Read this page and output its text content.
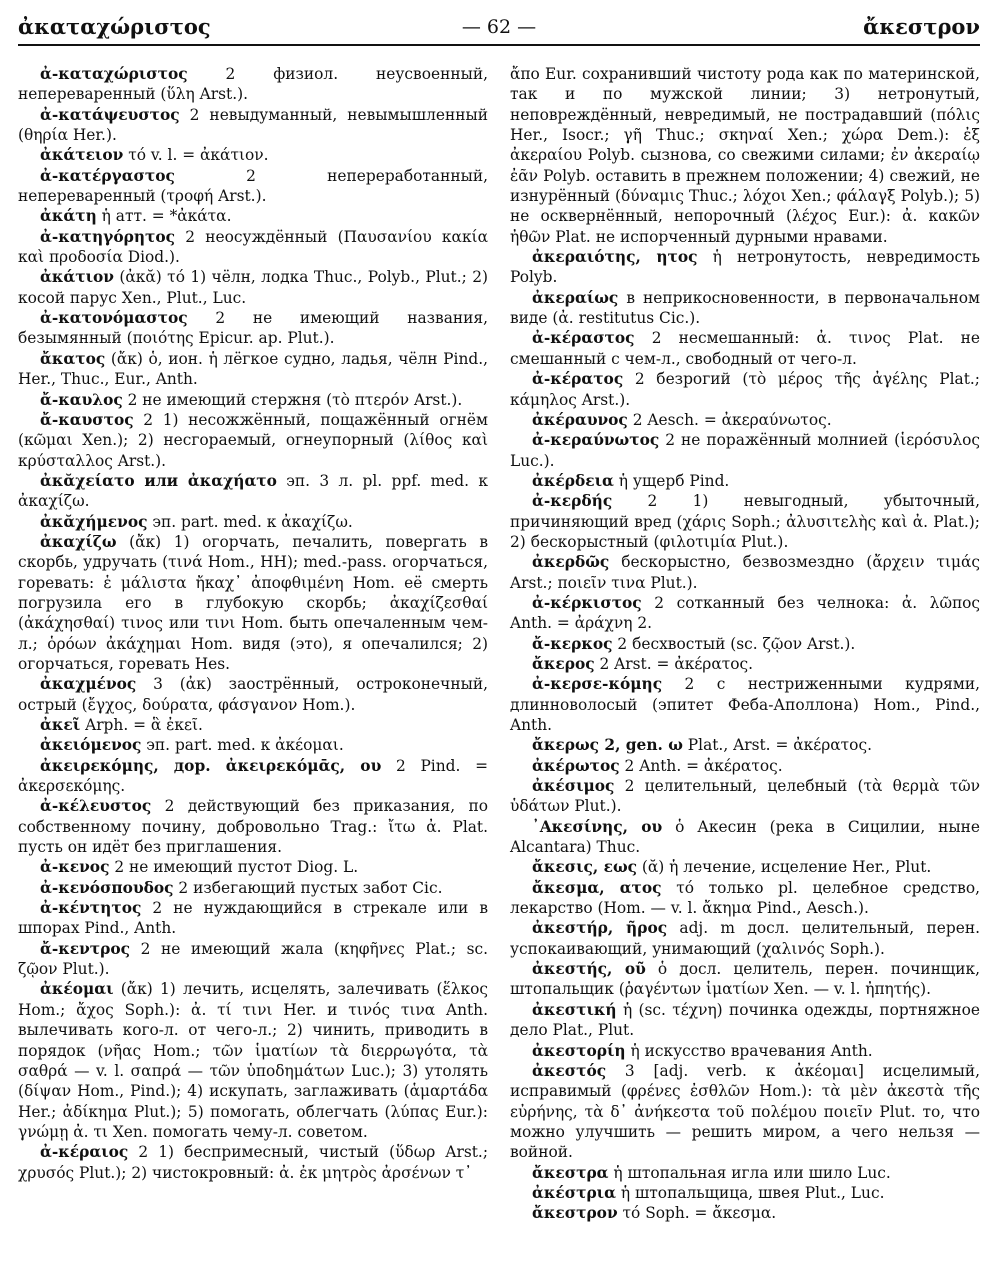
ἀκαταχώριστος	— 62 —	ἄκεστρον

ἀ-καταχώριστος 2 физиол. неусвоенный, непереваренный (ὕλη Arst.).

ἀ-κατάψευστος 2 невыдуманный, невымышленный (θηρία Her.).

ἀκάτειον τό v. l. = ἀκάτιον.

ἀ-κατέργαστος 2 непереработанный, непереваренный (τροφή Arst.).

ἀκάτη ἡ атт. = *ἀκάτα.

ἀ-κατηγόρητος 2 неосуждённый (Παυσανίου κακία καὶ προδοσία Diod.).

ἀκάτιον (ἀκᾰ) τό 1) чёлн, лодка Thuc., Polyb., Plut.; 2) косой парус Xen., Plut., Luc.

ἀ-κατονόμαστος 2 не имеющий названия, безымянный (ποιότης Epicur. ap. Plut.).

ἄκατος (ἄκ) ὁ, ион. ἡ лёгкое судно, ладья, чёлн Pind., Her., Thuc., Eur., Anth.

ἄ-καυλος 2 не имеющий стержня (τὸ πτερόν Arst.).

ἄ-καυστος 2 1) несожжённый, пощажённый огнём (κῶμαι Xen.); 2) несгораемый, огнеупорный (λίθος καὶ κρύσταλλος Arst.).

ἀκᾰχείατο или ἀκαχήατο эп. 3 л. pl. ppf. med. к ἀκαχίζω.

ἀκᾰχήμενος эп. part. med. к ἀκαχίζω.

ἀκαχίζω (ἄκ) 1) огорчать, печалить, повергать в скорбь, удручать (τινά Hom., HH); med.-pass. огорчаться, горевать: ἑ μάλιστα ἤκαχ᾽ ἀποφθιμένη Hom. её смерть погрузила его в глубокую скорбь; ἀκαχίζεσθαί (ἀκάχησθαί) τινος или τινι Hom. быть опечаленным чем-л.; ὁρόων ἀκάχημαι Hom. видя (это), я опечалился; 2) огорчаться, горевать Hes.

ἀκαχμένος 3 (ἀκ) заострённый, остроконечный, острый (ἔγχος, δούρατα, φάσγανον Hom.).

ἀκεῖ Arph. = ἃ ἐκεῖ.

ἀκειόμενος эп. part. med. к ἀκέομαι.

ἀκειρεκόμης, дор. ἀκειρεκόμᾱς, ου 2 Pind. = ἀκερσεκόμης.

ἀ-κέλευστος 2 действующий без приказания, по собственному почину, добровольно Trag.: ἴτω ἀ. Plat. пусть он идёт без приглашения.

ἀ-κενος 2 не имеющий пустот Diog. L.

ἀ-κενόσπουδος 2 избегающий пустых забот Cic.

ἀ-κέντητος 2 не нуждающийся в стрекале или в шпорах Pind., Anth.

ἄ-κεντρος 2 не имеющий жала (κηφῆνες Plat.; sc. ζῷον Plut.).

ἀκέομαι (ἄκ) 1) лечить, исцелять, залечивать (ἕλκος Hom.; ἄχος Soph.): ἀ. τί τινι Her. и τινός τινα Anth. вылечивать кого-л. от чего-л.; 2) чинить, приводить в порядок (νῆας Hom.; τῶν ἱματίων τὰ διερρωγότα, τὰ σαθρά — v. l. σαπρά — τῶν ὑποδημάτων Luc.); 3) утолять (δίψαν Hom., Pind.); 4) искупать, заглаживать (ἁμαρτάδα Her.; ἀδίκημα Plut.); 5) помогать, облегчать (λύπας Eur.): γνώμῃ ἀ. τι Xen. помогать чему-л. советом.

ἀ-κέραιος 2 1) беспримесный, чистый (ὕδωρ Arst.; χρυσός Plut.); 2) чистокровный: ἀ. ἐκ μητρὸς ἀρσένων τ᾽

ἄπο Eur. сохранивший чистоту рода как по материнской, так и по мужской линии; 3) нетронутый, неповреждённый, невредимый, не пострадавший (πόλις Her., Isocr.; γῆ Thuc.; σκηναί Xen.; χώρα Dem.): ἐξ ἀκεραίου Polyb. сызнова, со свежими силами; ἐν ἀκεραίῳ ἐᾶν Polyb. оставить в прежнем положении; 4) свежий, не изнурённый (δύναμις Thuc.; λόχοι Xen.; φάλαγξ Polyb.); 5) не осквернённый, непорочный (λέχος Eur.): ἀ. κακῶν ἠθῶν Plat. не испорченный дурными нравами.

ἀκεραιότης, ητος ἡ нетронутость, невредимость Polyb.

ἀκεραίως в неприкосновенности, в первоначальном виде (ἀ. restitutus Cic.).

ἀ-κέραστος 2 несмешанный: ἀ. τινος Plat. не смешанный с чем-л., свободный от чего-л.

ἀ-κέρατος 2 безрогий (τὸ μέρος τῆς ἀγέλης Plat.; κάμηλος Arst.).

ἀκέραυνος 2 Aesch. = ἀκεραύνωτος.

ἀ-κεραύνωτος 2 не поражённый молнией (ἱερόσυλος Luc.).

ἀκέρδεια ἡ ущерб Pind.

ἀ-κερδής 2 1) невыгодный, убыточный, причиняющий вред (χάρις Soph.; ἀλυσιτελὴς καὶ ἀ. Plat.); 2) бескорыстный (φιλοτιμία Plut.).

ἀκερδῶς бескорыстно, безвозмездно (ἄρχειν τιμάς Arst.; ποιεῖν τινα Plut.).

ἀ-κέρκιστος 2 сотканный без челнока: ἀ. λῶπος Anth. = ἀράχνη 2.

ἄ-κερκος 2 бесхвостый (sc. ζῷον Arst.).

ἄκερος 2 Arst. = ἀκέρατος.

ἀ-κερσε-κόμης 2 с нестриженными кудрями, длинноволосый (эпитет Феба-Аполлона) Hom., Pind., Anth.

ἄκερως 2, gen. ω Plat., Arst. = ἀκέρατος.

ἀκέρωτος 2 Anth. = ἀκέρατος.

ἀκέσιμος 2 целительный, целебный (τὰ θερμὰ τῶν ὑδάτων Plut.).

᾽Ακεσίνης, ου ὁ Акесин (река в Сицилии, ныне Alcantara) Thuc.

ἄκεσις, εως (ᾰ) ἡ лечение, исцеление Her., Plut.

ἄκεσμα, ατος τό только pl. целебное средство, лекарство (Hom. — v. l. ἄκημα Pind., Aesch.).

ἀκεστήρ, ῆρος adj. m досл. целительный, перен. успокаивающий, унимающий (χαλινός Soph.).

ἀκεστής, οῦ ὁ досл. целитель, перен. починщик, штопальщик (ῥαγέντων ἱματίων Xen. — v. l. ἠπητής).

ἀκεστική ἡ (sc. τέχνη) починка одежды, портняжное дело Plat., Plut.

ἀκεστορίη ἡ искусство врачевания Anth.

ἀκεστός 3 [adj. verb. к ἀκέομαι] исцелимый, исправимый (φρένες ἐσθλῶν Hom.): τὰ μὲν ἀκεστὰ τῆς εὐρήνης, τὰ δ᾽ ἀνήκεστα τοῦ πολέμου ποιεῖν Plut. то, что можно улучшить — решить миром, а чего нельзя — войной.

ἄκεστρα ἡ штопальная игла или шило Luc.

ἀκέστρια ἡ штопальщица, швея Plut., Luc.

ἄκεστρον τό Soph. = ἄκεσμα.
